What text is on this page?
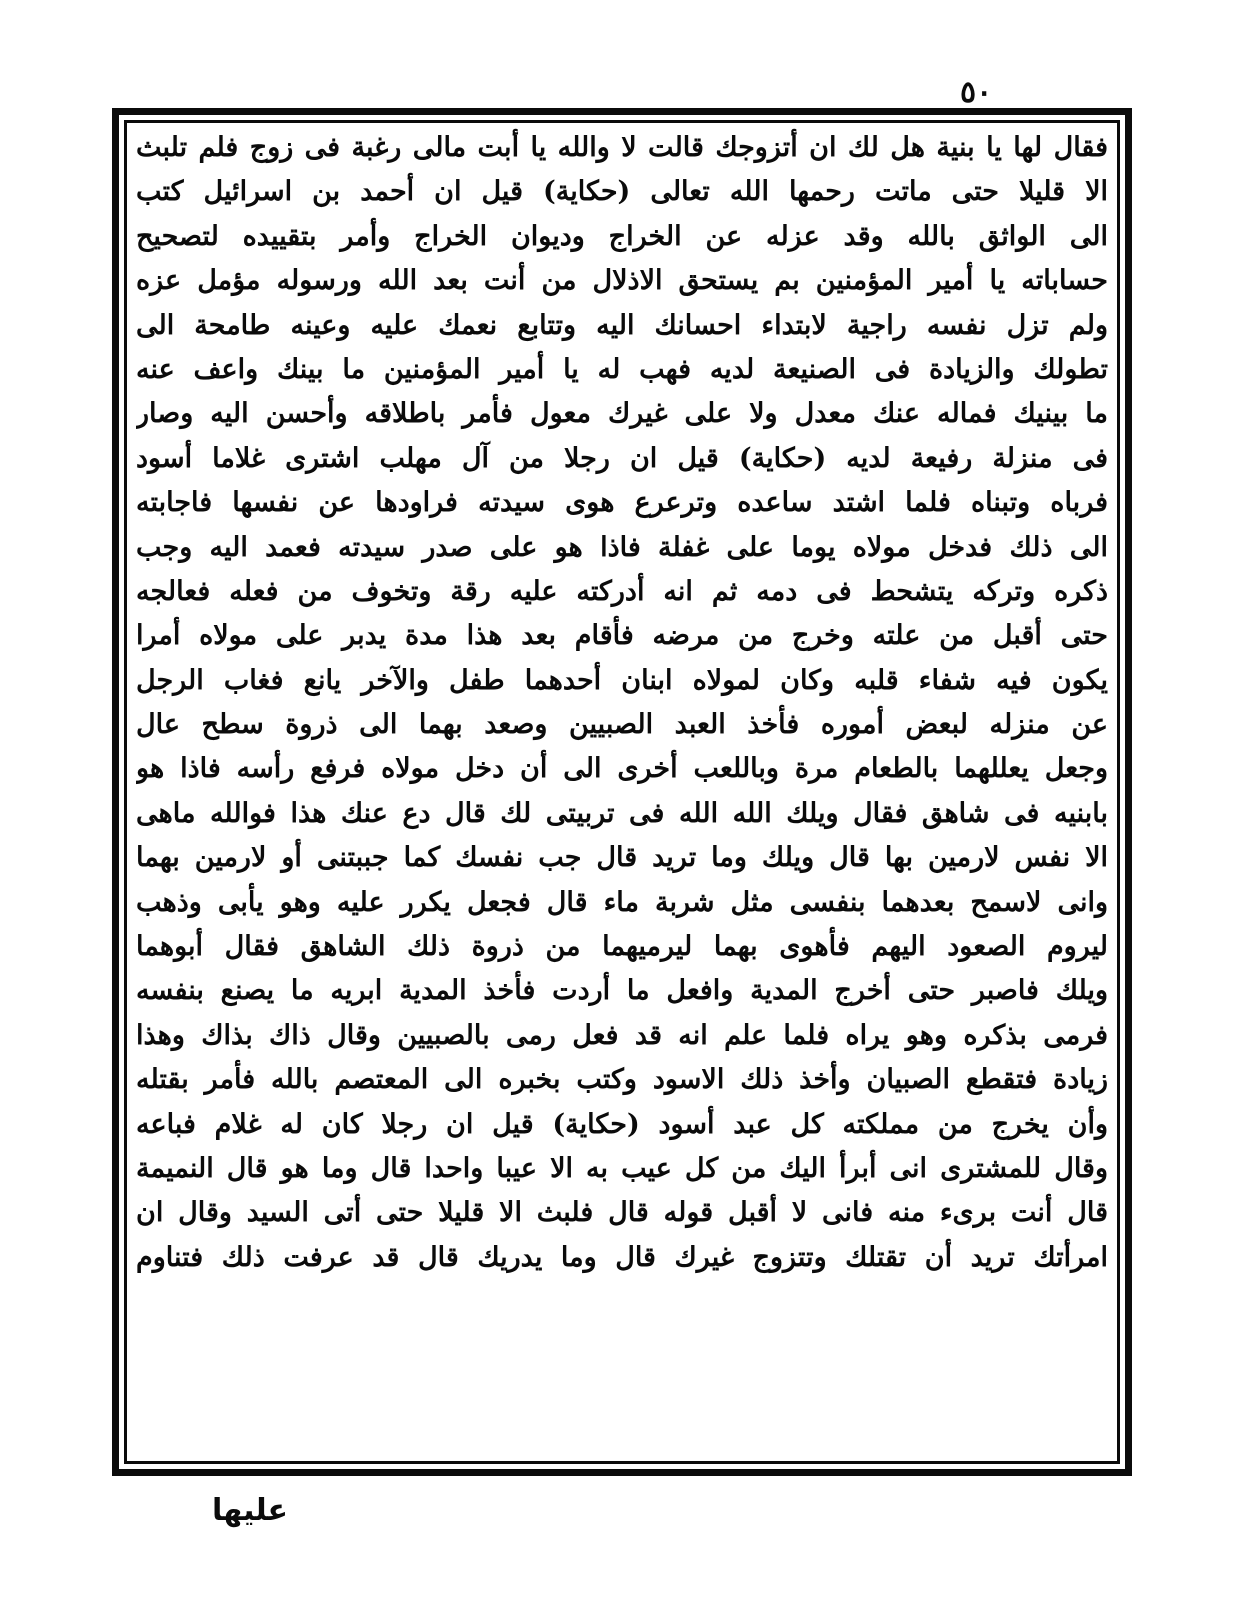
٥٠
فقال لها يا بنية هل لك ان أتزوجك قالت لا والله يا أبت مالى رغبة فى زوج فلم تلبث
الا قليلا حتى ماتت رحمها الله تعالى (حكاية) قيل ان أحمد بن اسرائيل كتب
الى الواثق بالله وقد عزله عن الخراج وديوان الخراج وأمر بتقييده لتصحيح
حساباته يا أمير المؤمنين بم يستحق الاذلال من أنت بعد الله ورسوله مؤمل عزه
ولم تزل نفسه راجية لابتداء احسانك اليه وتتابع نعمك عليه وعينه طامحة الى
تطولك والزيادة فى الصنيعة لديه فهب له يا أمير المؤمنين ما بينك واعف عنه
ما بينيك فماله عنك معدل ولا على غيرك معول فأمر باطلاقه وأحسن اليه وصار
فى منزلة رفيعة لديه (حكاية) قيل ان رجلا من آل مهلب اشترى غلاما أسود
فرباه وتبناه فلما اشتد ساعده وترعرع هوى سيدته فراودها عن نفسها فاجابته
الى ذلك فدخل مولاه يوما على غفلة فاذا هو على صدر سيدته فعمد اليه وجب
ذكره وتركه يتشحط فى دمه ثم انه أدركته عليه رقة وتخوف من فعله فعالجه
حتى أقبل من علته وخرج من مرضه فأقام بعد هذا مدة يدبر على مولاه أمرا
يكون فيه شفاء قلبه وكان لمولاه ابنان أحدهما طفل والآخر يانع فغاب الرجل
عن منزله لبعض أموره فأخذ العبد الصبيين وصعد بهما الى ذروة سطح عال
وجعل يعللهما بالطعام مرة وباللعب أخرى الى أن دخل مولاه فرفع رأسه فاذا هو
بابنيه فى شاهق فقال ويلك الله الله فى تربيتى لك قال دع عنك هذا فوالله ماهى
الا نفس لارمين بها قال ويلك وما تريد قال جب نفسك كما جببتنى أو لارمين بهما
وانى لاسمح بعدهما بنفسى مثل شربة ماء قال فجعل يكرر عليه وهو يأبى وذهب
ليروم الصعود اليهم فأهوى بهما ليرميهما من ذروة ذلك الشاهق فقال أبوهما
ويلك فاصبر حتى أخرج المدية وافعل ما أردت فأخذ المدية ابريه ما يصنع بنفسه
فرمى بذكره وهو يراه فلما علم انه قد فعل رمى بالصبيين وقال ذاك بذاك وهذا
زيادة فتقطع الصبيان وأخذ ذلك الاسود وكتب بخبره الى المعتصم بالله فأمر بقتله
وأن يخرج من مملكته كل عبد أسود (حكاية) قيل ان رجلا كان له غلام فباعه
وقال للمشترى انى أبرأ اليك من كل عيب به الا عيبا واحدا قال وما هو قال النميمة
قال أنت برىء منه فانى لا أقبل قوله قال فلبث الا قليلا حتى أتى السيد وقال ان
امرأتك تريد أن تقتلك وتتزوج غيرك قال وما يدريك قال قد عرفت ذلك فتناوم
عليها
